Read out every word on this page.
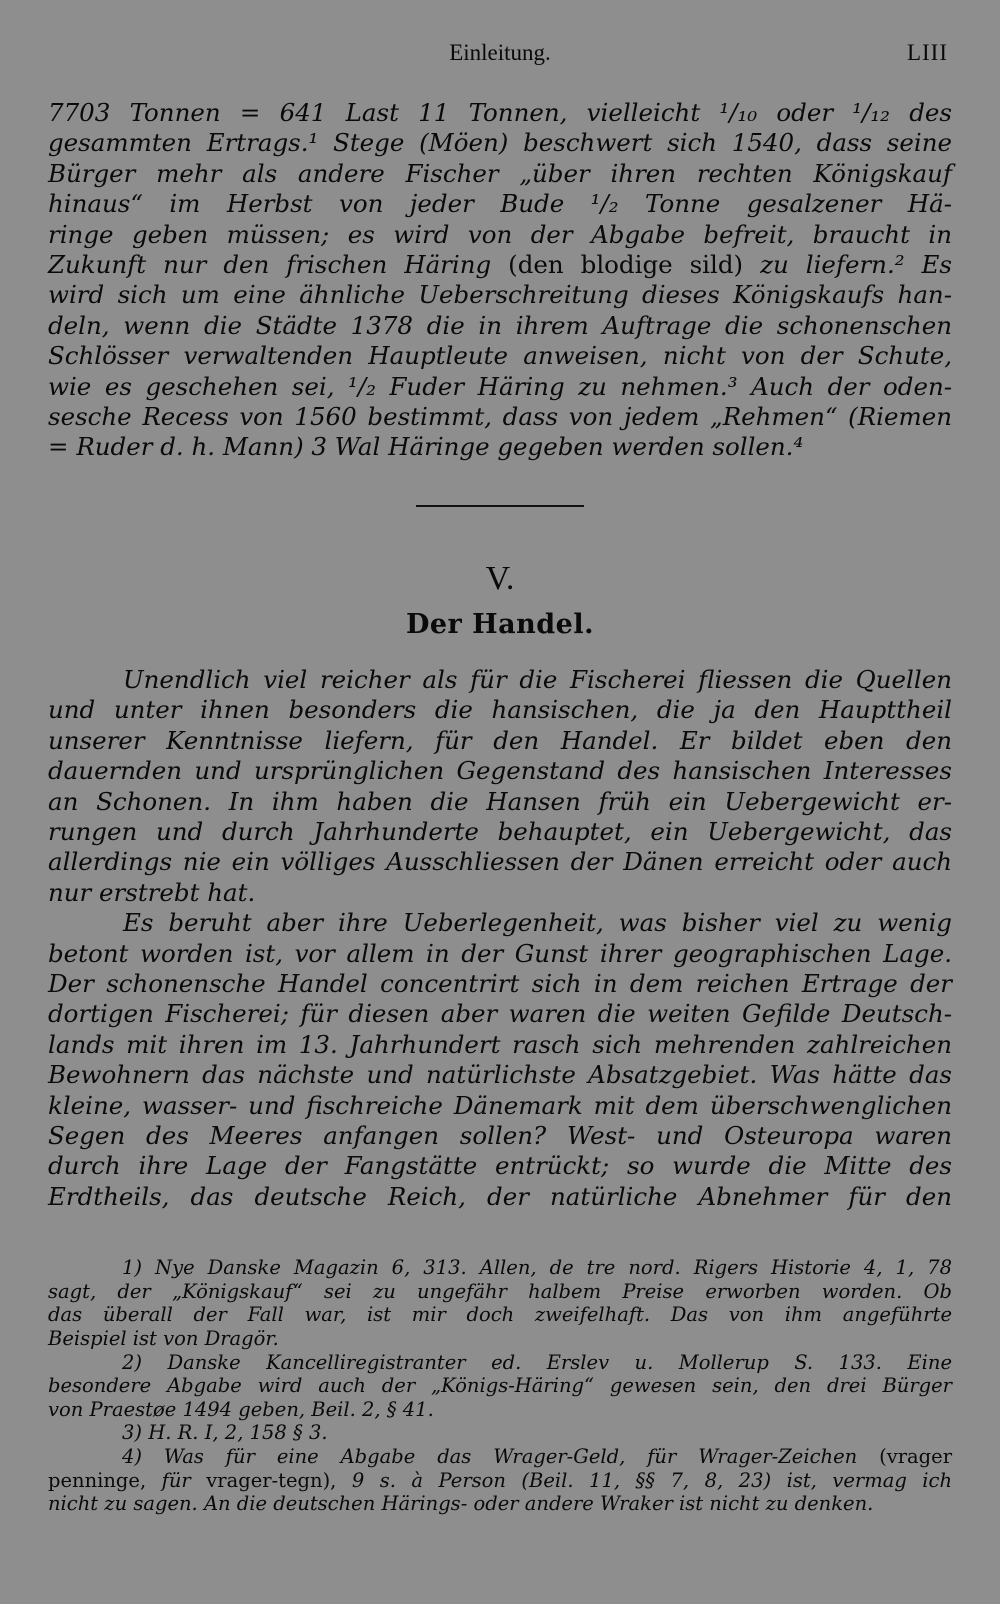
Einleitung.	LIII

7703 Tonnen = 641 Last 11 Tonnen, vielleicht ¹/₁₀ oder ¹/₁₂ des

gesammten Ertrags.¹ Stege (Möen) beschwert sich 1540, dass seine

Bürger mehr als andere Fischer „über ihren rechten Königskauf

hinaus“ im Herbst von jeder Bude ¹/₂ Tonne gesalzener Hä-

ringe geben müssen; es wird von der Abgabe befreit, braucht in

Zukunft nur den frischen Häring (den blodige sild) zu liefern.² Es

wird sich um eine ähnliche Ueberschreitung dieses Königskaufs han-

deln, wenn die Städte 1378 die in ihrem Auftrage die schonenschen

Schlösser verwaltenden Hauptleute anweisen, nicht von der Schute,

wie es geschehen sei, ¹/₂ Fuder Häring zu nehmen.³ Auch der oden-

sesche Recess von 1560 bestimmt, dass von jedem „Rehmen“ (Riemen

= Ruder d. h. Mann) 3 Wal Häringe gegeben werden sollen.⁴

V.
Der Handel.

Unendlich viel reicher als für die Fischerei fliessen die Quellen

und unter ihnen besonders die hansischen, die ja den Haupttheil

unserer Kenntnisse liefern, für den Handel. Er bildet eben den

dauernden und ursprünglichen Gegenstand des hansischen Interesses

an Schonen. In ihm haben die Hansen früh ein Uebergewicht er-

rungen und durch Jahrhunderte behauptet, ein Uebergewicht, das

allerdings nie ein völliges Ausschliessen der Dänen erreicht oder auch

nur erstrebt hat.

Es beruht aber ihre Ueberlegenheit, was bisher viel zu wenig

betont worden ist, vor allem in der Gunst ihrer geographischen Lage.

Der schonensche Handel concentrirt sich in dem reichen Ertrage der

dortigen Fischerei; für diesen aber waren die weiten Gefilde Deutsch-

lands mit ihren im 13. Jahrhundert rasch sich mehrenden zahlreichen

Bewohnern das nächste und natürlichste Absatzgebiet. Was hätte das

kleine, wasser- und fischreiche Dänemark mit dem überschwenglichen

Segen des Meeres anfangen sollen? West- und Osteuropa waren

durch ihre Lage der Fangstätte entrückt; so wurde die Mitte des

Erdtheils, das deutsche Reich, der natürliche Abnehmer für den

1) Nye Danske Magazin 6, 313. Allen, de tre nord. Rigers Historie 4, 1, 78

sagt, der „Königskauf“ sei zu ungefähr halbem Preise erworben worden. Ob

das überall der Fall war, ist mir doch zweifelhaft. Das von ihm angeführte

Beispiel ist von Dragör.

2) Danske Kancelliregistranter ed. Erslev u. Mollerup S. 133. Eine

besondere Abgabe wird auch der „Königs-Häring“ gewesen sein, den drei Bürger

von Praestøe 1494 geben, Beil. 2, § 41.

3) H. R. I, 2, 158 § 3.

4) Was für eine Abgabe das Wrager-Geld, für Wrager-Zeichen (vrager

penninge, für vrager-tegn), 9 s. à Person (Beil. 11, §§ 7, 8, 23) ist, vermag ich

nicht zu sagen. An die deutschen Härings- oder andere Wraker ist nicht zu denken.
